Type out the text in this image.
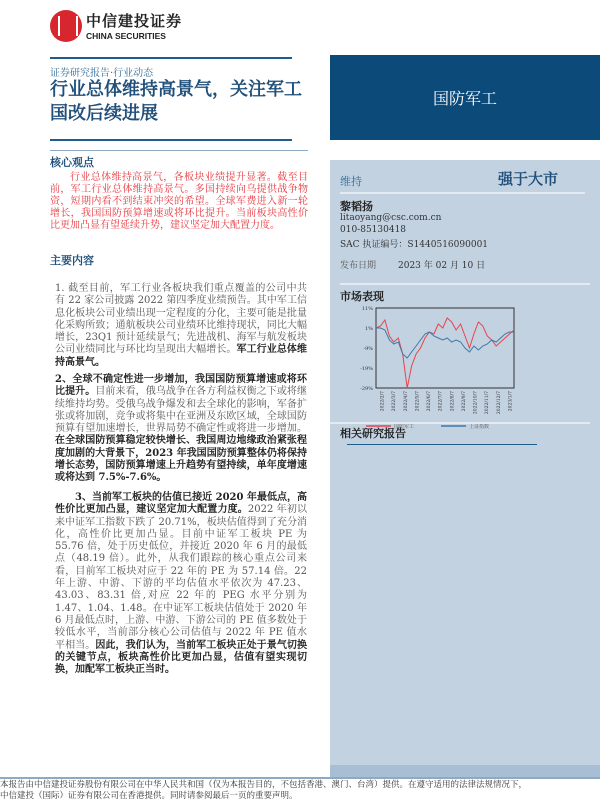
中信建投证券
CHINA SECURITIES
证券研究报告·行业动态
行业总体维持高景气，关注军工国改后续进展
核心观点
行业总体维持高景气，各板块业绩提升显著。截至目前，军工行业总体维持高景气。多国持续向乌提供战争物资，短期内看不到结束冲突的希望。全球军费进入新一轮增长，我国国防预算增速或将环比提升。当前板块高性价比更加凸显有望延续升势，建议坚定加大配置力度。
主要内容
1. 截至目前，军工行业各板块我们重点覆盖的公司中共有 22 家公司披露 2022 第四季度业绩预告。其中军工信息化板块公司业绩出现一定程度的分化，主要可能是批量化采购所致；通航板块公司业绩环比维持现状，同比大幅增长，23Q1 预计延续景气；先进战机、海军与航发板块公司业绩同比与环比均呈现出大幅增长。军工行业总体维持高景气。
2、全球不确定性进一步增加，我国国防预算增速或将环比提升。目前来看，俄乌战争在各方利益权衡之下或将继续维持均势。受俄乌战争爆发和去全球化的影响，军备扩张或将加剧，竞争或将集中在亚洲及东欧区域，全球国防预算有望加速增长，世界局势不确定性或将进一步增加。在全球国防预算稳定较快增长、我国周边地缘政治紧张程度加剧的大背景下，2023 年我国国防预算整体仍将保持增长态势，国防预算增速上升趋势有望持续，单年度增速或将达到 7.5%-7.6%。
3、当前军工板块的估值已接近 2020 年最低点，高性价比更加凸显，建议坚定加大配置力度。2022 年初以来中证军工指数下跌了 20.71%，板块估值得到了充分消化，高性价比更加凸显。目前中证军工板块 PE 为 55.76 倍，处于历史低位，并接近 2020 年 6 月的最低点（48.19 倍）。此外，从我们跟踪的核心重点公司来看，目前军工板块对应于 22 年的 PE 为 57.14 倍。22 年上游、中游、下游的平均估值水平依次为 47.23、43.03、83.31 倍,对应 22 年的 PEG 水平分别为 1.47、1.04、1.48。在中证军工板块估值处于 2020 年 6 月最低点时，上游、中游、下游公司的 PE 值多数处于较低水平，当前部分核心公司估值与 2022 年 PE 值水平相当。因此，我们认为，当前军工板块正处于景气切换的关键节点，板块高性价比更加凸显，估值有望实现切换，加配军工板块正当时。
国防军工
维持	强于大市
黎韬扬
litaoyang@csc.com.cn
010-85130418
SAC 执证编号：S1440516090001
发布日期 2023 年 02 月 10 日
市场表现
11%
1%
-9%
-19%
-29%
2022/2/7 2022/3/7 2022/4/7 2022/5/7 2022/6/7 2022/7/7 2022/8/7 2022/9/7 2022/10/7 2022/11/7 2022/12/7 2023/1/7
国防军工	上证指数
相关研究报告
本报告由中信建投证券股份有限公司在中华人民共和国（仅为本报告目的，不包括香港、澳门、台湾）提供。在遵守适用的法律法规情况下，
中信建投（国际）证券有限公司在香港提供。同时请参阅最后一页的重要声明。
